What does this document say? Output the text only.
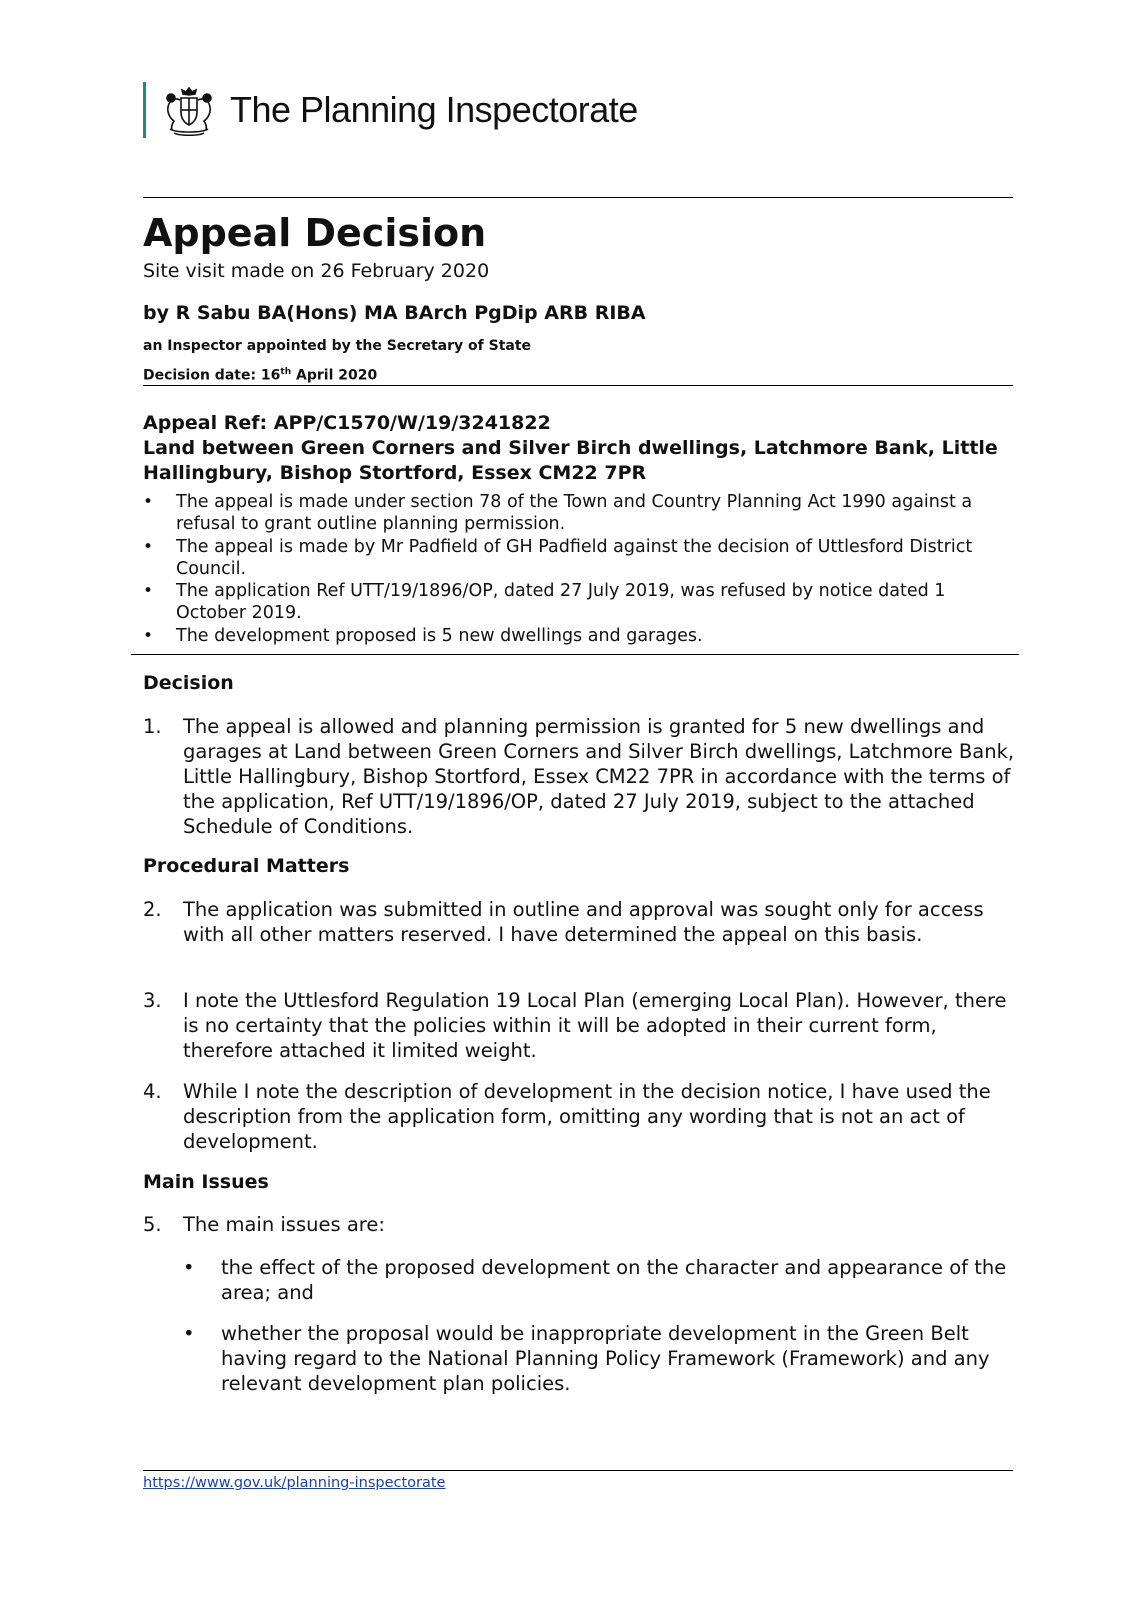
The Planning Inspectorate
Appeal Decision
Site visit made on 26 February 2020
by R Sabu BA(Hons) MA BArch PgDip ARB RIBA
an Inspector appointed by the Secretary of State
Decision date: 16th April 2020
Appeal Ref: APP/C1570/W/19/3241822
Land between Green Corners and Silver Birch dwellings, Latchmore Bank, Little Hallingbury, Bishop Stortford, Essex CM22 7PR
• The appeal is made under section 78 of the Town and Country Planning Act 1990 against a refusal to grant outline planning permission.
• The appeal is made by Mr Padfield of GH Padfield against the decision of Uttlesford District Council.
• The application Ref UTT/19/1896/OP, dated 27 July 2019, was refused by notice dated 1 October 2019.
• The development proposed is 5 new dwellings and garages.
Decision
1. The appeal is allowed and planning permission is granted for 5 new dwellings and garages at Land between Green Corners and Silver Birch dwellings, Latchmore Bank, Little Hallingbury, Bishop Stortford, Essex CM22 7PR in accordance with the terms of the application, Ref UTT/19/1896/OP, dated 27 July 2019, subject to the attached Schedule of Conditions.
Procedural Matters
2. The application was submitted in outline and approval was sought only for access with all other matters reserved. I have determined the appeal on this basis.
3. I note the Uttlesford Regulation 19 Local Plan (emerging Local Plan). However, there is no certainty that the policies within it will be adopted in their current form, therefore attached it limited weight.
4. While I note the description of development in the decision notice, I have used the description from the application form, omitting any wording that is not an act of development.
Main Issues
5. The main issues are:
• the effect of the proposed development on the character and appearance of the area; and
• whether the proposal would be inappropriate development in the Green Belt having regard to the National Planning Policy Framework (Framework) and any relevant development plan policies.
https://www.gov.uk/planning-inspectorate
